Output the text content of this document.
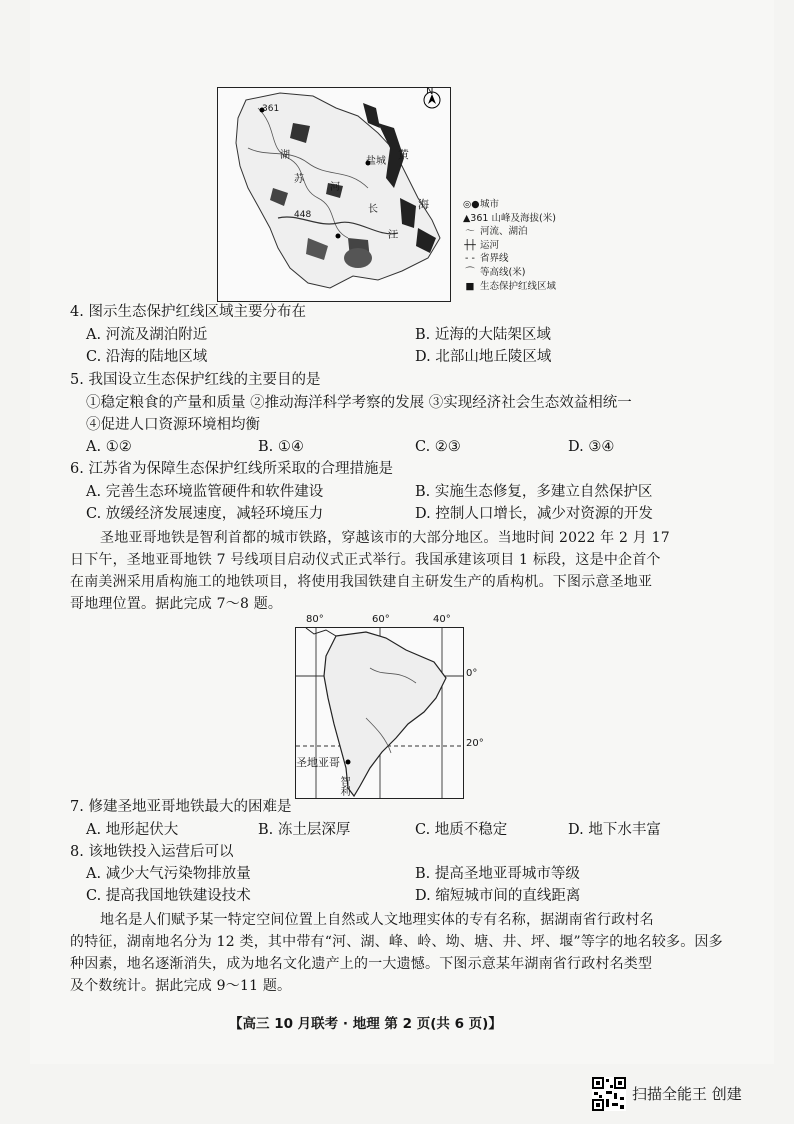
N
361
448
黄
海
盐城
苏
长
江
湖
河
◎● 城市
▲361 山峰及海拔(米)
～ 河流、湖泊
┼┼ 运河
- - 省界线
⌒ 等高线(米)
■ 生态保护红线区域
4. 图示生态保护红线区域主要分布在
A. 河流及湖泊附近	B. 近海的大陆架区域
C. 沿海的陆地区域	D. 北部山地丘陵区域
5. 我国设立生态保护红线的主要目的是
①稳定粮食的产量和质量 ②推动海洋科学考察的发展 ③实现经济社会生态效益相统一
④促进人口资源环境相均衡
A. ①②	B. ①④	C. ②③	D. ③④
6. 江苏省为保障生态保护红线所采取的合理措施是
A. 完善生态环境监管硬件和软件建设	B. 实施生态修复，多建立自然保护区
C. 放缓经济发展速度，减轻环境压力	D. 控制人口增长，减少对资源的开发
圣地亚哥地铁是智利首都的城市铁路，穿越该市的大部分地区。当地时间 2022 年 2 月 17
日下午，圣地亚哥地铁 7 号线项目启动仪式正式举行。我国承建该项目 1 标段，这是中企首个
在南美洲采用盾构施工的地铁项目，将使用我国铁建自主研发生产的盾构机。下图示意圣地亚
哥地理位置。据此完成 7～8 题。
80°	60°	40°
0°
20°
圣地亚哥
智利
7. 修建圣地亚哥地铁最大的困难是
A. 地形起伏大	B. 冻土层深厚	C. 地质不稳定	D. 地下水丰富
8. 该地铁投入运营后可以
A. 减少大气污染物排放量	B. 提高圣地亚哥城市等级
C. 提高我国地铁建设技术	D. 缩短城市间的直线距离
地名是人们赋予某一特定空间位置上自然或人文地理实体的专有名称，据湖南省行政村名
的特征，湖南地名分为 12 类，其中带有“河、湖、峰、岭、坳、塘、井、坪、堰”等字的地名较多。因多
种因素，地名逐渐消失，成为地名文化遗产上的一大遗憾。下图示意某年湖南省行政村名类型
及个数统计。据此完成 9～11 题。
【高三 10 月联考 · 地理 第 2 页(共 6 页)】
扫描全能王 创建
